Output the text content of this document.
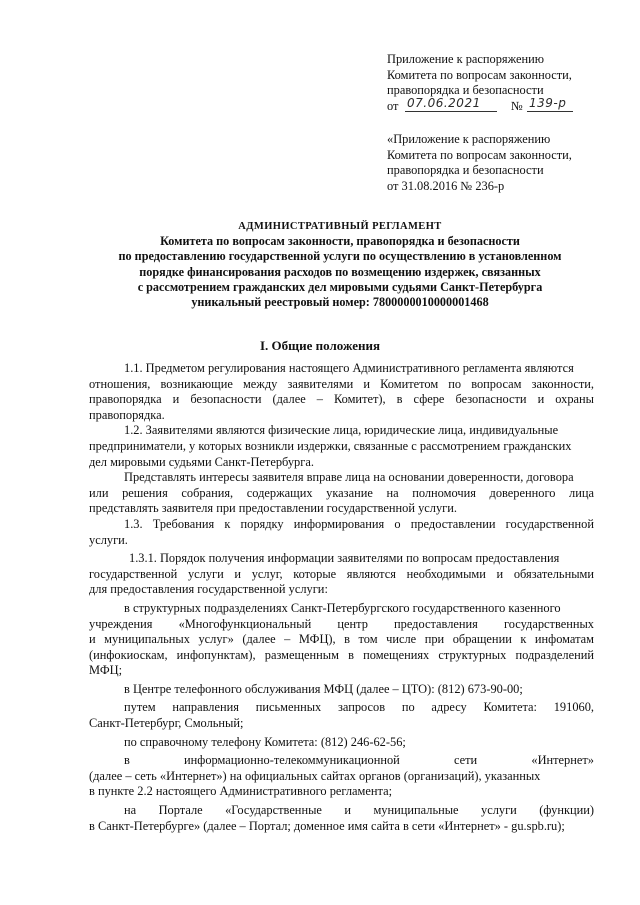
Приложение к распоряжению
Комитета по вопросам законности,
правопорядка и безопасности
от 07.06.2021	№ 139-р
«Приложение к распоряжению
Комитета по вопросам законности,
правопорядка и безопасности
от 31.08.2016 № 236-р
АДМИНИСТРАТИВНЫЙ РЕГЛАМЕНТ
Комитета по вопросам законности, правопорядка и безопасности
по предоставлению государственной услуги по осуществлению в установленном
порядке финансирования расходов по возмещению издержек, связанных
с рассмотрением гражданских дел мировыми судьями Санкт-Петербурга
уникальный реестровый номер: 7800000010000001468
I. Общие положения
1.1. Предметом регулирования настоящего Административного регламента являются
отношения, возникающие между заявителями и Комитетом по вопросам законности,
правопорядка и безопасности (далее – Комитет), в сфере безопасности и охраны
правопорядка.
1.2. Заявителями являются физические лица, юридические лица, индивидуальные
предприниматели, у которых возникли издержки, связанные с рассмотрением гражданских
дел мировыми судьями Санкт-Петербурга.
Представлять интересы заявителя вправе лица на основании доверенности, договора
или решения собрания, содержащих указание на полномочия доверенного лица
представлять заявителя при предоставлении государственной услуги.
1.3. Требования к порядку информирования о предоставлении государственной
услуги.
1.3.1. Порядок получения информации заявителями по вопросам предоставления
государственной услуги и услуг, которые являются необходимыми и обязательными
для предоставления государственной услуги:
в структурных подразделениях Санкт-Петербургского государственного казенного
учреждения «Многофункциональный центр предоставления государственных
и муниципальных услуг» (далее – МФЦ), в том числе при обращении к инфоматам
(инфокиоскам, инфопунктам), размещенным в помещениях структурных подразделений
МФЦ;
в Центре телефонного обслуживания МФЦ (далее – ЦТО): (812) 673-90-00;
путем направления письменных запросов по адресу Комитета: 191060,
Санкт-Петербург, Смольный;
по справочному телефону Комитета: (812) 246-62-56;
в информационно-телекоммуникационной сети «Интернет»
(далее – сеть «Интернет») на официальных сайтах органов (организаций), указанных
в пункте 2.2 настоящего Административного регламента;
на Портале «Государственные и муниципальные услуги (функции)
в Санкт-Петербурге» (далее – Портал; доменное имя сайта в сети «Интернет» - gu.spb.ru);
